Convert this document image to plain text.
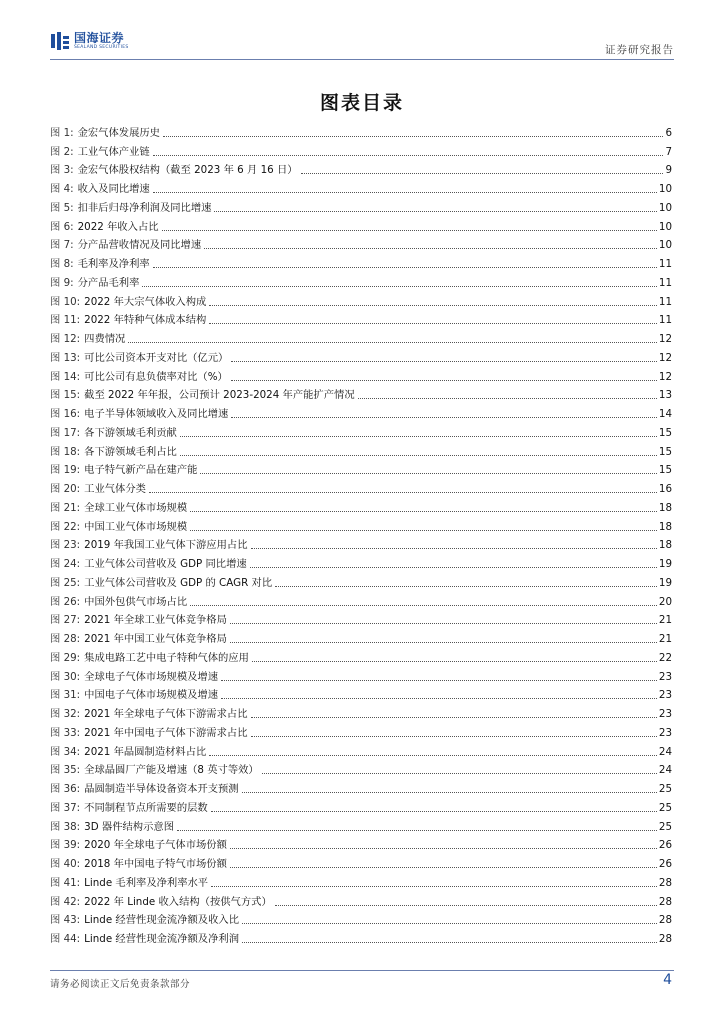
国海证券
SEALAND SECURITIES	证券研究报告
图表目录
图 1: 金宏气体发展历史	6
图 2: 工业气体产业链	7
图 3: 金宏气体股权结构（截至 2023 年 6 月 16 日）	9
图 4: 收入及同比增速	10
图 5: 扣非后归母净利润及同比增速	10
图 6: 2022 年收入占比	10
图 7: 分产品营收情况及同比增速	10
图 8: 毛利率及净利率	11
图 9: 分产品毛利率	11
图 10: 2022 年大宗气体收入构成	11
图 11: 2022 年特种气体成本结构	11
图 12: 四费情况	12
图 13: 可比公司资本开支对比（亿元）	12
图 14: 可比公司有息负债率对比（%）	12
图 15: 截至 2022 年年报，公司预计 2023-2024 年产能扩产情况	13
图 16: 电子半导体领域收入及同比增速	14
图 17: 各下游领域毛利贡献	15
图 18: 各下游领域毛利占比	15
图 19: 电子特气新产品在建产能	15
图 20: 工业气体分类	16
图 21: 全球工业气体市场规模	18
图 22: 中国工业气体市场规模	18
图 23: 2019 年我国工业气体下游应用占比	18
图 24: 工业气体公司营收及 GDP 同比增速	19
图 25: 工业气体公司营收及 GDP 的 CAGR 对比	19
图 26: 中国外包供气市场占比	20
图 27: 2021 年全球工业气体竞争格局	21
图 28: 2021 年中国工业气体竞争格局	21
图 29: 集成电路工艺中电子特种气体的应用	22
图 30: 全球电子气体市场规模及增速	23
图 31: 中国电子气体市场规模及增速	23
图 32: 2021 年全球电子气体下游需求占比	23
图 33: 2021 年中国电子气体下游需求占比	23
图 34: 2021 年晶圆制造材料占比	24
图 35: 全球晶圆厂产能及增速（8 英寸等效）	24
图 36: 晶圆制造半导体设备资本开支预测	25
图 37: 不同制程节点所需要的层数	25
图 38: 3D 器件结构示意图	25
图 39: 2020 年全球电子气体市场份额	26
图 40: 2018 年中国电子特气市场份额	26
图 41: Linde 毛利率及净利率水平	28
图 42: 2022 年 Linde 收入结构（按供气方式）	28
图 43: Linde 经营性现金流净额及收入比	28
图 44: Linde 经营性现金流净额及净利润	28
请务必阅读正文后免责条款部分	4
